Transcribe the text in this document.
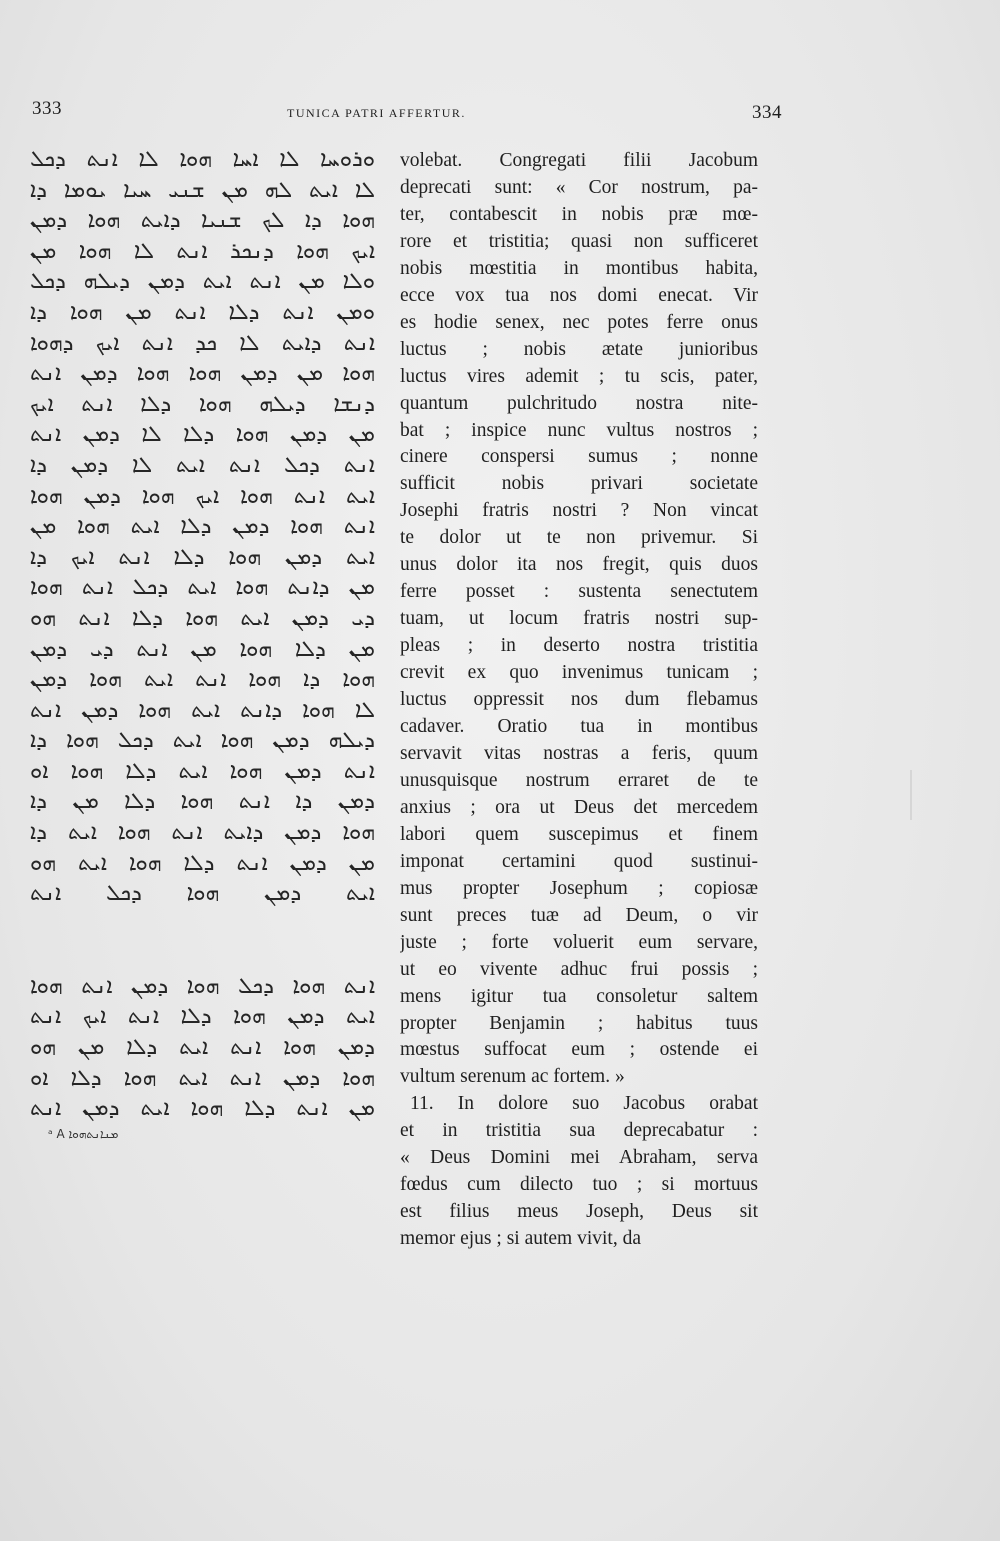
333	TUNICA PATRI AFFERTUR.	334
ܘܪܘܚܐ ܠܐ ܐܚܐ ܗܘܐ ܠܐ ܐܢܬ ܕܟܠ
ܠܐ ܐܝܬ ܠܗ ܡܢ ܫܢܝ ܚܝܐ ܝܘܡܐ ܕܐ
ܗܘܐ ܕܐ ܠܟ ܫܢܝܐ ܕܐܝܬ ܗܘܐ ܕܡܢ
ܐܝܟ ܗܘܐ ܕܢܟܪ ܐܢܬ ܠܐ ܗܘܐ ܡܢ
ܘܠܐ ܡܢ ܐܢܬ ܐܝܬ ܕܡܢ ܕܝܠܗ ܕܟܠ
ܘܡܢ ܐܢܬ ܕܠܐ ܐܢܬ ܡܢ ܗܘܐ ܕܐ
ܐܢܬ ܕܐܝܬ ܠܐ ܟܕ ܐܢܬ ܐܝܟ ܕܗܘܐ
ܗܘܐ ܡܢ ܕܡܢ ܗܘܐ ܗܘܐ ܕܡܢ ܐܢܬ
ܕܢܫܐ ܕܝܠܗ ܗܘܐ ܕܠܐ ܐܢܬ ܐܝܟ
ܡܢ ܕܡܢ ܗܘܐ ܕܠܐ ܠܐ ܕܡܢ ܐܢܬ
ܐܢܬ ܕܟܠ ܐܢܬ ܐܝܬ ܠܐ ܕܡܢ ܕܐ
ܐܝܬ ܐܢܬ ܗܘܐ ܐܝܟ ܗܘܐ ܕܡܢ ܗܘܐ
ܐܢܬ ܗܘܐ ܕܡܢ ܕܠܐ ܐܝܬ ܗܘܐ ܡܢ
ܐܝܬ ܕܡܢ ܗܘܐ ܕܠܐ ܐܢܬ ܐܝܟ ܕܐ
ܡܢ ܕܐܢܬ ܗܘܐ ܐܝܬ ܕܟܠ ܐܢܬ ܗܘܐ
ܕܝ ܕܡܢ ܐܝܬ ܗܘܐ ܕܠܐ ܐܢܬ ܗܘ
ܡܢ ܕܠܐ ܗܘܐ ܡܢ ܐܢܬ ܕܝ ܕܡܢ
ܗܘܐ ܕܐ ܗܘܐ ܐܢܬ ܐܝܬ ܗܘܐ ܕܡܢ
ܠܐ ܗܘܐ ܕܐܢܬ ܐܝܬ ܗܘܐ ܕܡܢ ܐܢܬ
ܕܝܠܗ ܕܡܢ ܗܘܐ ܐܝܬ ܕܟܠ ܗܘܐ ܕܐ
ܐܢܬ ܕܡܢ ܗܘܐ ܐܝܬ ܕܠܐ ܗܘܐ ܐܘ
ܕܡܢ ܕܐ ܐܢܬ ܗܘܐ ܕܠܐ ܡܢ ܕܐ
ܗܘܐ ܕܡܢ ܕܐܝܬ ܐܢܬ ܗܘܐ ܐܝܬ ܕܐ
ܡܢ ܕܡܢ ܐܢܬ ܕܠܐ ܗܘܐ ܐܝܬ ܗܘ
ܐܝܬ ܕܡܢ ܗܘܐ ܕܟܠ ܐܢܬ
ܐܢܬ ܗܘܐ ܕܟܠ ܗܘܐ ܕܡܢ ܐܢܬ ܗܘܐ
ܐܝܬ ܕܡܢ ܗܘܐ ܕܠܐ ܐܢܬ ܐܝܟ ܐܢܬ
ܕܡܢ ܗܘܐ ܐܢܬ ܐܝܬ ܕܠܐ ܡܢ ܗܘ
ܗܘܐ ܕܡܢ ܐܢܬ ܐܝܬ ܗܘܐ ܕܠܐ ܐܘ
ܡܢ ܐܢܬ ܕܠܐ ܗܘܐ ܐܝܬ ܕܡܢ ܐܢܬ
ᵃ A ܡܢܐܢܬܗܘܐ
volebat. Congregati filii Jacobum
deprecati sunt: « Cor nostrum, pa-
ter, contabescit in nobis præ mœ-
rore et tristitia; quasi non sufficeret
nobis mœstitia in montibus habita,
ecce vox tua nos domi enecat. Vir
es hodie senex, nec potes ferre onus
luctus ; nobis ætate junioribus
luctus vires ademit ; tu scis, pater,
quantum pulchritudo nostra nite-
bat ; inspice nunc vultus nostros ;
cinere conspersi sumus ; nonne
sufficit nobis privari societate
Josephi fratris nostri ? Non vincat
te dolor ut te non privemur. Si
unus dolor ita nos fregit, quis duos
ferre posset : sustenta senectutem
tuam, ut locum fratris nostri sup-
pleas ; in deserto nostra tristitia
crevit ex quo invenimus tunicam ;
luctus oppressit nos dum flebamus
cadaver. Oratio tua in montibus
servavit vitas nostras a feris, quum
unusquisque nostrum erraret de te
anxius ; ora ut Deus det mercedem
labori quem suscepimus et finem
imponat certamini quod sustinui-
mus propter Josephum ; copiosæ
sunt preces tuæ ad Deum, o vir
juste ; forte voluerit eum servare,
ut eo vivente adhuc frui possis ;
mens igitur tua consoletur saltem
propter Benjamin ; habitus tuus
mœstus suffocat eum ; ostende ei
vultum serenum ac fortem. »
11. In dolore suo Jacobus orabat
et in tristitia sua deprecabatur :
« Deus Domini mei Abraham, serva
fœdus cum dilecto tuo ; si mortuus
est filius meus Joseph, Deus sit
memor ejus ; si autem vivit, da
